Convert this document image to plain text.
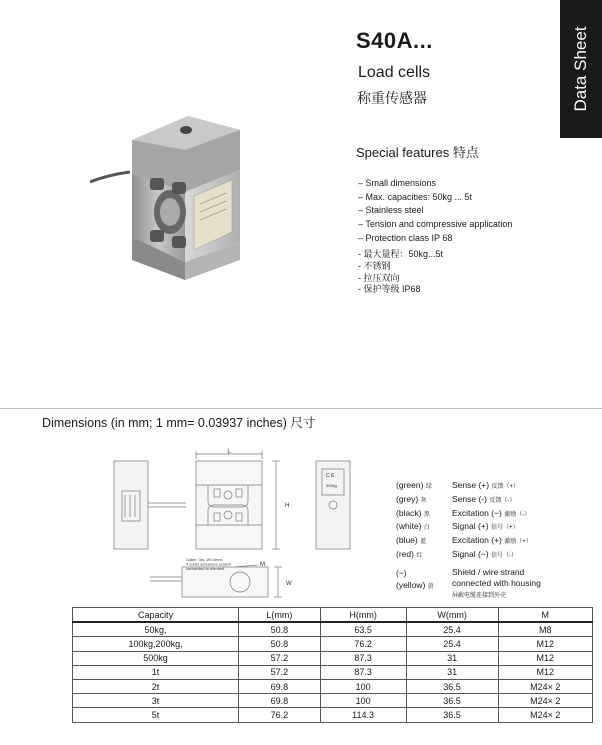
Data Sheet
S40A...
Load cells
称重传感器
Special features 特点
– Small dimensions
– Max. capacities: 50kg ... 5t
– Stainless steel
– Tension and compressive application
– Protection class IP 68
- 最大量程：50kg...5t
- 不锈钢
- 拉压双向
- 保护等级 IP68
Dimensions (in mm; 1 mm= 0.03937 inches) 尺寸
L
H
M
W
C E
500kg
Cable: 3m, Ø4.4mm, 4 cores screened, screen connected to element
(green) 绿 Sense (+) 反馈（+）
(grey) 灰	Sense (-) 反馈（-）
(black) 黑	Excitation (−) 激励（-）
(white) 白	Signal (+) 信号（+）
(blue) 蓝	Excitation (+) 激励（+）
(red) 红	Signal (−) 信号（-）
(−)
(yellow) 黄
Shield / wire strand
connected with housing
屏蔽电缆连接到外壳
Capacity	L(mm)	H(mm)	W(mm)	M
50kg,	50.8	63.5	25.4	M8
100kg,200kg,	50.8	76.2	25.4	M12
500kg	57.2	87.3	31	M12
1t	57.2	87.3	31	M12
2t	69.8	100	36.5	M24× 2
3t	69.8	100	36.5	M24× 2
5t	76.2	114.3	36.5	M24× 2
